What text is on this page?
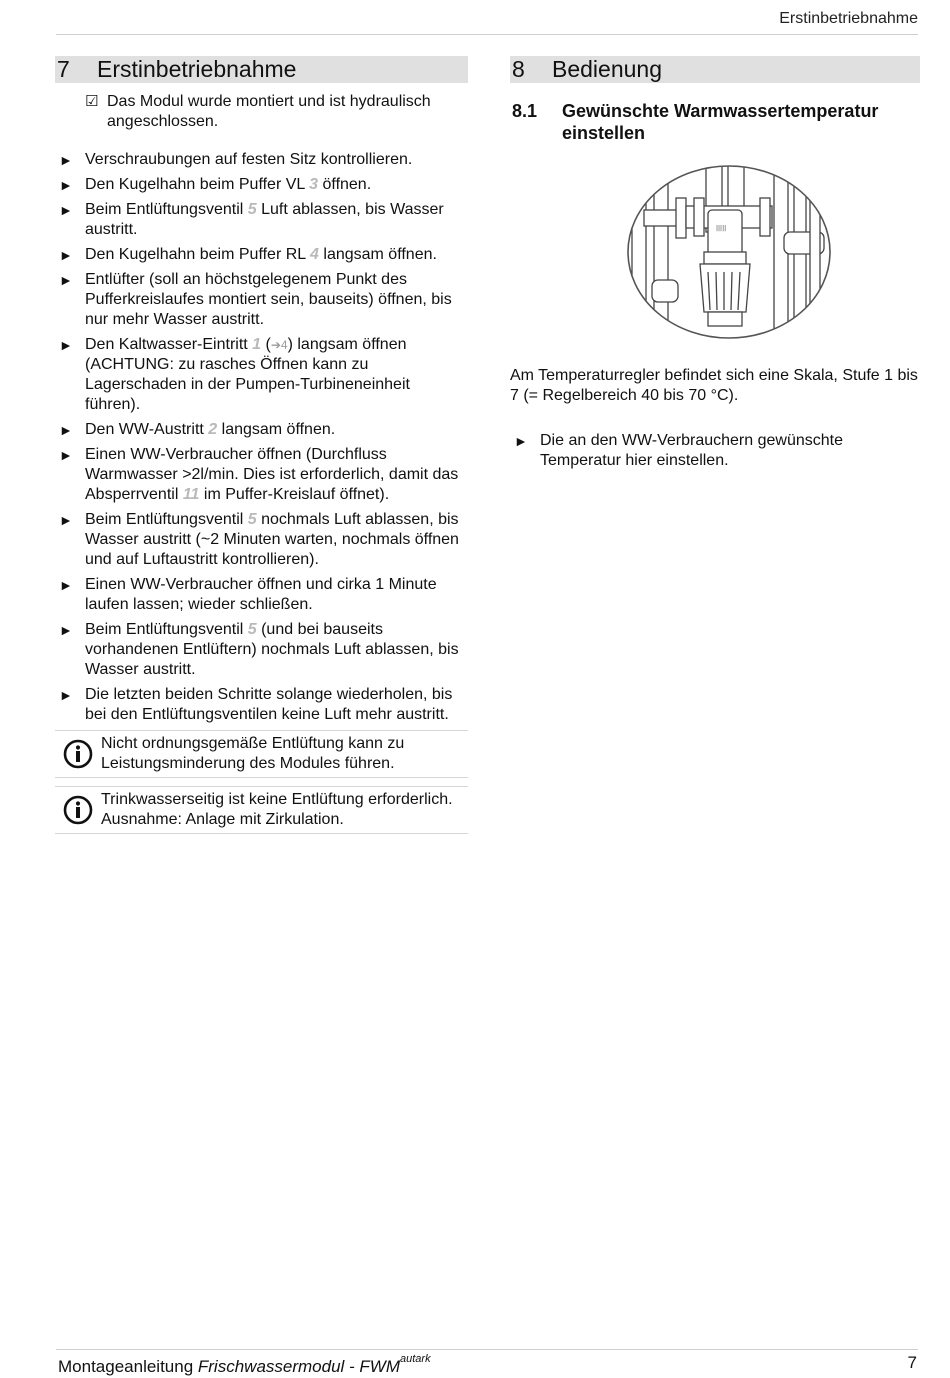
Erstinbetriebnahme
7	Erstinbetriebnahme
☑ Das Modul wurde montiert und ist hydraulisch angeschlossen.
► Verschraubungen auf festen Sitz kontrollieren.
► Den Kugelhahn beim Puffer VL 3 öffnen.
► Beim Entlüftungsventil 5 Luft ablassen, bis Wasser austritt.
► Den Kugelhahn beim Puffer RL 4 langsam öffnen.
► Entlüfter (soll an höchstgelegenem Punkt des Pufferkreislaufes montiert sein, bauseits) öffnen, bis nur mehr Wasser austritt.
► Den Kaltwasser-Eintritt 1 (➔4) langsam öffnen (ACHTUNG: zu rasches Öffnen kann zu Lagerschaden in der Pumpen-Turbineneinheit führen).
► Den WW-Austritt 2 langsam öffnen.
► Einen WW-Verbraucher öffnen (Durchfluss Warmwasser >2l/min. Dies ist erforderlich, damit das Absperrventil 11 im Puffer-Kreislauf öffnet).
► Beim Entlüftungsventil 5 nochmals Luft ablassen, bis Wasser austritt (~2 Minuten warten, nochmals öffnen und auf Luftaustritt kontrollieren).
► Einen WW-Verbraucher öffnen und cirka 1 Minute laufen lassen; wieder schließen.
► Beim Entlüftungsventil 5 (und bei bauseits vorhandenen Entlüftern) nochmals Luft ablassen, bis Wasser austritt.
► Die letzten beiden Schritte solange wiederholen, bis bei den Entlüftungsventilen keine Luft mehr austritt.
Nicht ordnungsgemäße Entlüftung kann zu Leistungsminderung des Modules führen.
Trinkwasserseitig ist keine Entlüftung erforderlich. Ausnahme: Anlage mit Zirkulation.
8	Bedienung
8.1	Gewünschte Warmwassertemperatur einstellen
|||||
Am Temperaturregler befindet sich eine Skala, Stufe 1 bis 7 (= Regelbereich 40 bis 70 °C).
► Die an den WW-Verbrauchern gewünschte Temperatur hier einstellen.
Montageanleitung Frischwassermodul - $FWM^{autark}$	7
